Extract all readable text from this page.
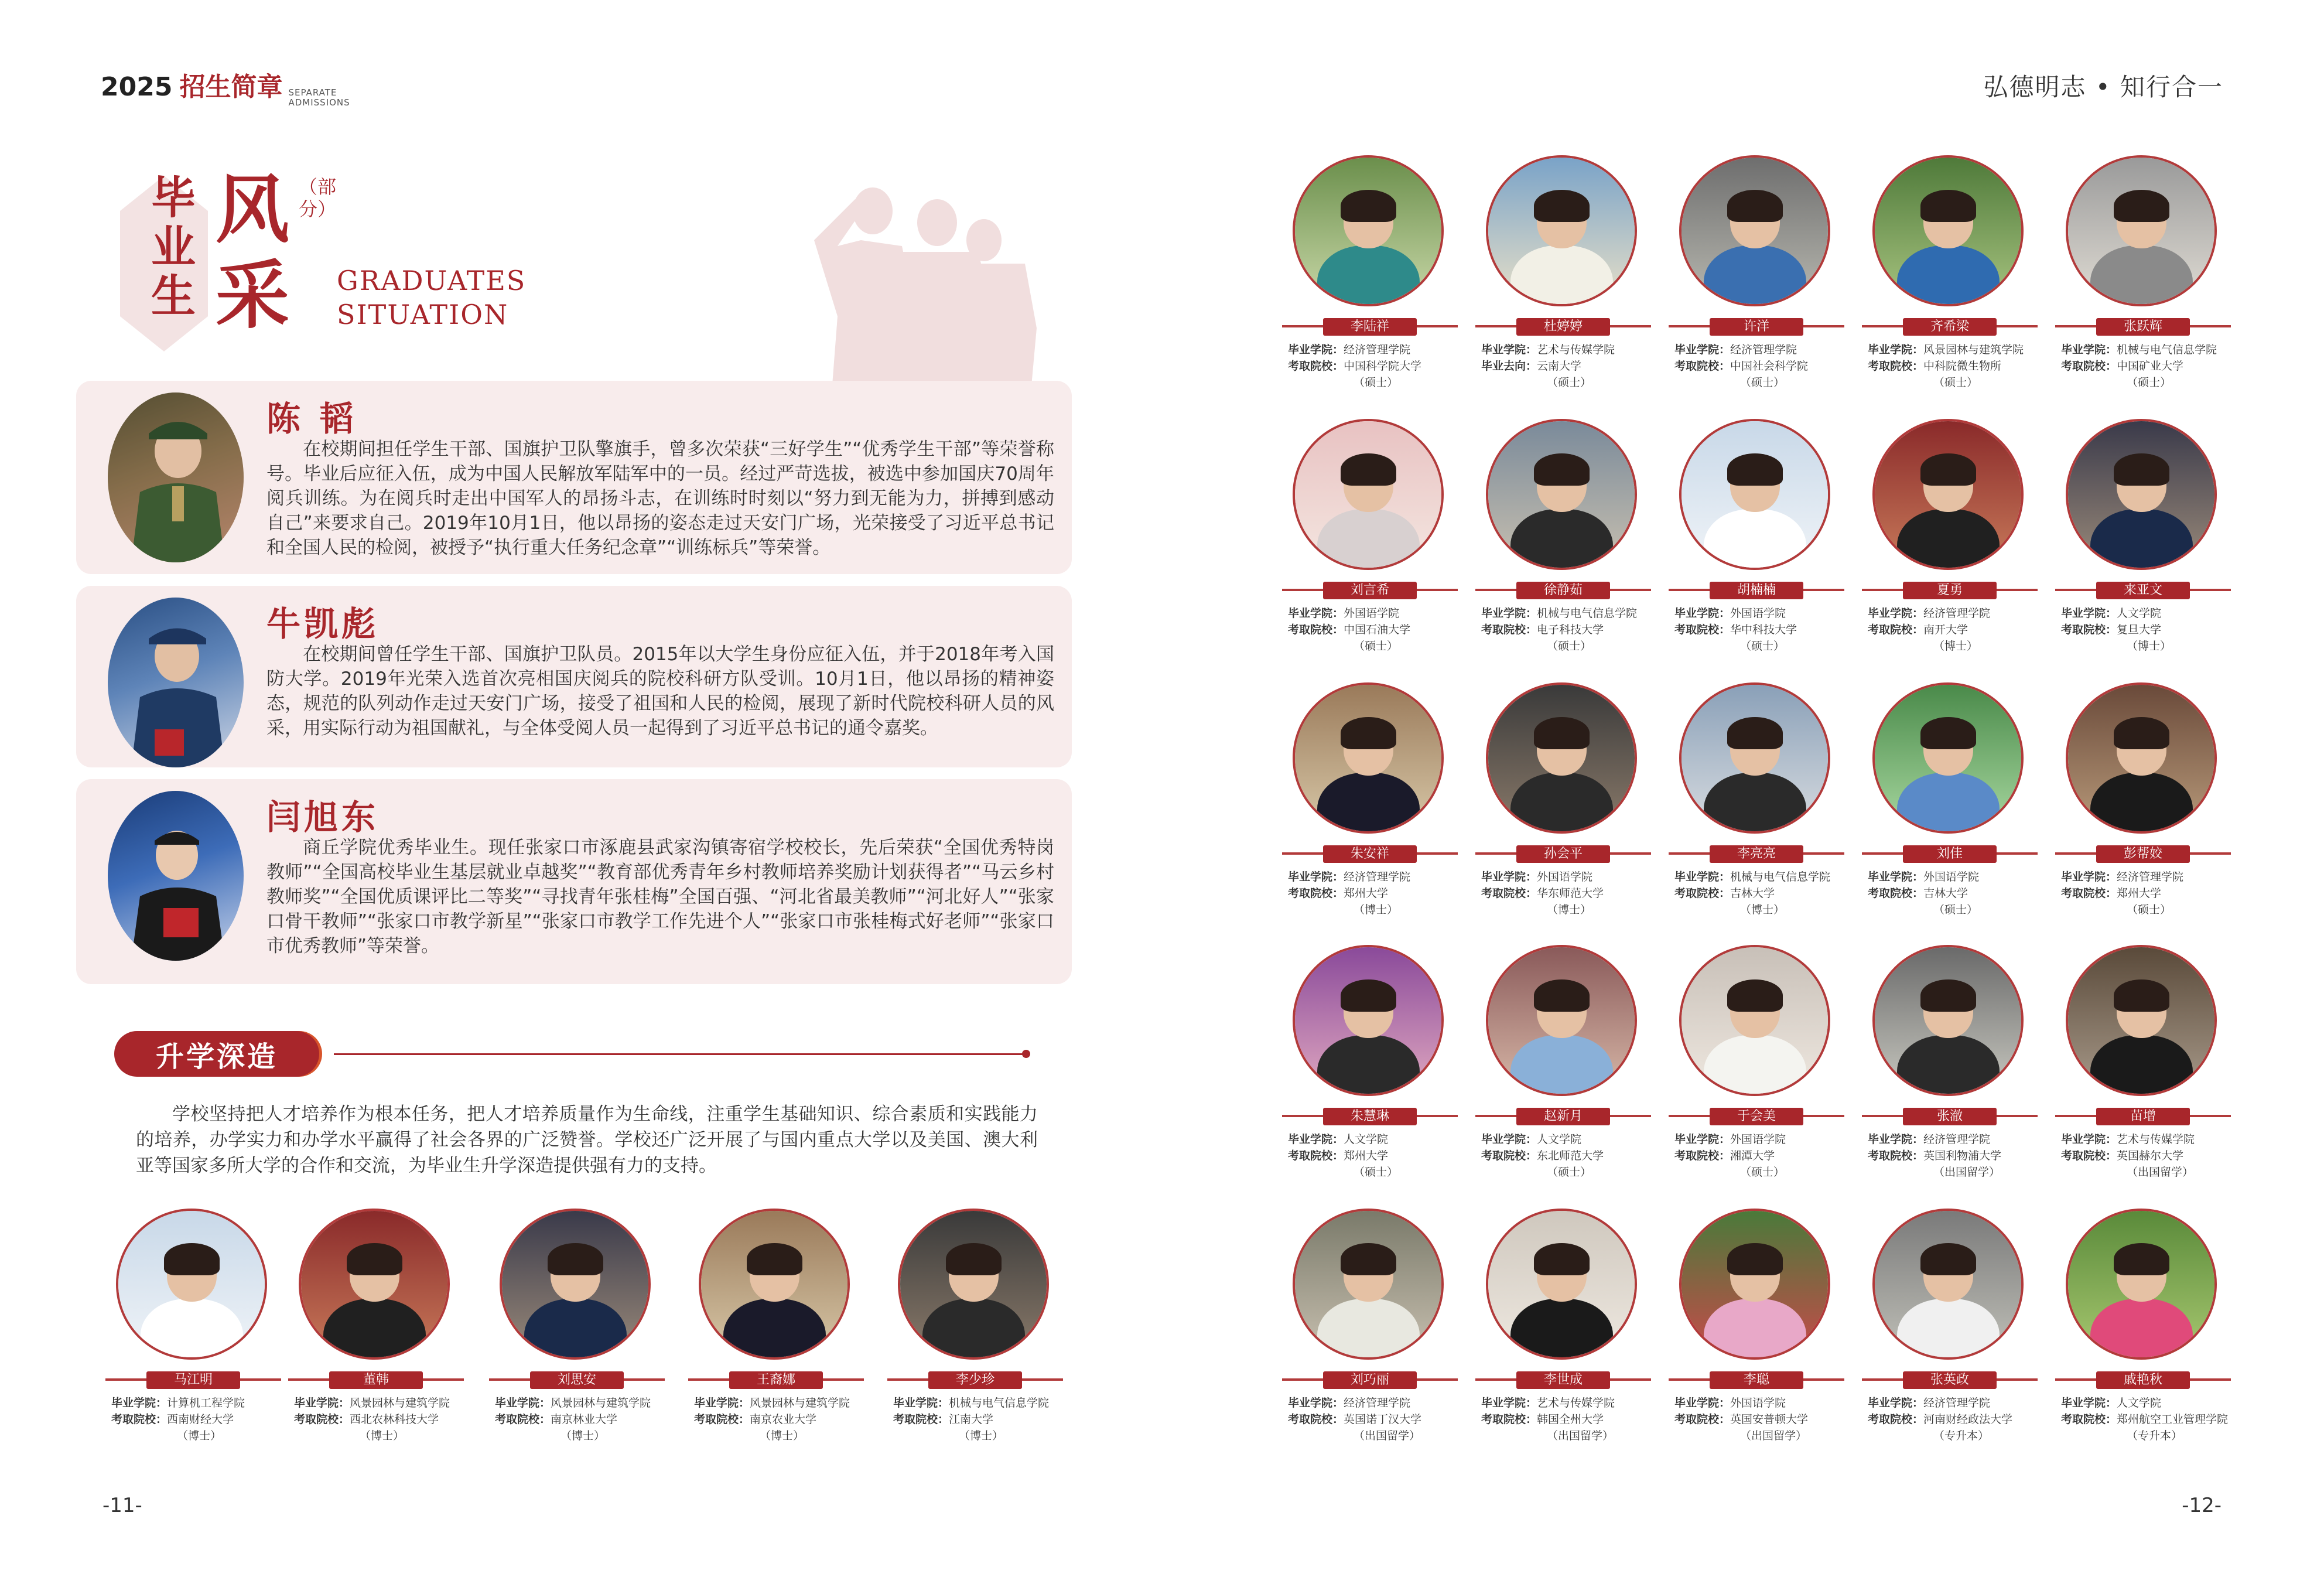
2025 招生简章 SEPARATE
ADMISSIONS
毕业生
风采
（部分）
GRADUATES
SITUATION
陈 韬
在校期间担任学生干部、国旗护卫队擎旗手，曾多次荣获“三好学生”“优秀学生干部”等荣誉称号。毕业后应征入伍，成为中国人民解放军陆军中的一员。经过严苛选拔，被选中参加国庆70周年阅兵训练。为在阅兵时走出中国军人的昂扬斗志，在训练时时刻以“努力到无能为力，拼搏到感动自己”来要求自己。2019年10月1日，他以昂扬的姿态走过天安门广场，光荣接受了习近平总书记和全国人民的检阅，被授予“执行重大任务纪念章”“训练标兵”等荣誉。
牛凯彪
在校期间曾任学生干部、国旗护卫队员。2015年以大学生身份应征入伍，并于2018年考入国防大学。2019年光荣入选首次亮相国庆阅兵的院校科研方队受训。10月1日，他以昂扬的精神姿态，规范的队列动作走过天安门广场，接受了祖国和人民的检阅，展现了新时代院校科研人员的风采，用实际行动为祖国献礼，与全体受阅人员一起得到了习近平总书记的通令嘉奖。
闫旭东
商丘学院优秀毕业生。现任张家口市涿鹿县武家沟镇寄宿学校校长，先后荣获“全国优秀特岗教师”“全国高校毕业生基层就业卓越奖”“教育部优秀青年乡村教师培养奖励计划获得者”“马云乡村教师奖”“全国优质课评比二等奖”“寻找青年张桂梅”全国百强、“河北省最美教师”“河北好人”“张家口骨干教师”“张家口市教学新星”“张家口市教学工作先进个人”“张家口市张桂梅式好老师”“张家口市优秀教师”等荣誉。
升学深造
学校坚持把人才培养作为根本任务，把人才培养质量作为生命线，注重学生基础知识、综合素质和实践能力的培养，办学实力和办学水平赢得了社会各界的广泛赞誉。学校还广泛开展了与国内重点大学以及美国、澳大利亚等国家多所大学的合作和交流，为毕业生升学深造提供强有力的支持。
马江明
毕业学院：计算机工程学院
考取院校：西南财经大学
（博士）
董韩
毕业学院：风景园林与建筑学院
考取院校：西北农林科技大学
（博士）
刘思安
毕业学院：风景园林与建筑学院
考取院校：南京林业大学
（博士）
王裔娜
毕业学院：风景园林与建筑学院
考取院校：南京农业大学
（博士）
李少珍
毕业学院：机械与电气信息学院
考取院校：江南大学
（博士）
-11-
弘德明志 • 知行合一
李陆祥
毕业学院：经济管理学院
考取院校：中国科学院大学
（硕士）
杜婷婷
毕业学院：艺术与传媒学院
毕业去向：云南大学
（硕士）
许洋
毕业学院：经济管理学院
考取院校：中国社会科学院
（硕士）
齐希梁
毕业学院：风景园林与建筑学院
考取院校：中科院微生物所
（硕士）
张跃辉
毕业学院：机械与电气信息学院
考取院校：中国矿业大学
（硕士）
刘言希
毕业学院：外国语学院
考取院校：中国石油大学
（硕士）
徐静茹
毕业学院：机械与电气信息学院
考取院校：电子科技大学
（硕士）
胡楠楠
毕业学院：外国语学院
考取院校：华中科技大学
（硕士）
夏勇
毕业学院：经济管理学院
考取院校：南开大学
（博士）
来亚文
毕业学院：人文学院
考取院校：复旦大学
（博士）
朱安祥
毕业学院：经济管理学院
考取院校：郑州大学
（博士）
孙会平
毕业学院：外国语学院
考取院校：华东师范大学
（博士）
李亮亮
毕业学院：机械与电气信息学院
考取院校：吉林大学
（博士）
刘佳
毕业学院：外国语学院
考取院校：吉林大学
（硕士）
彭帮姣
毕业学院：经济管理学院
考取院校：郑州大学
（硕士）
朱慧琳
毕业学院：人文学院
考取院校：郑州大学
（硕士）
赵新月
毕业学院：人文学院
考取院校：东北师范大学
（硕士）
于会美
毕业学院：外国语学院
考取院校：湘潭大学
（硕士）
张澈
毕业学院：经济管理学院
考取院校：英国利物浦大学
（出国留学）
苗增
毕业学院：艺术与传媒学院
考取院校：英国赫尔大学
（出国留学）
刘巧丽
毕业学院：经济管理学院
考取院校：英国诺丁汉大学
（出国留学）
李世成
毕业学院：艺术与传媒学院
考取院校：韩国全州大学
（出国留学）
李聪
毕业学院：外国语学院
考取院校：英国安普顿大学
（出国留学）
张英政
毕业学院：经济管理学院
考取院校：河南财经政法大学
（专升本）
戚艳秋
毕业学院：人文学院
考取院校：郑州航空工业管理学院
（专升本）
-12-
